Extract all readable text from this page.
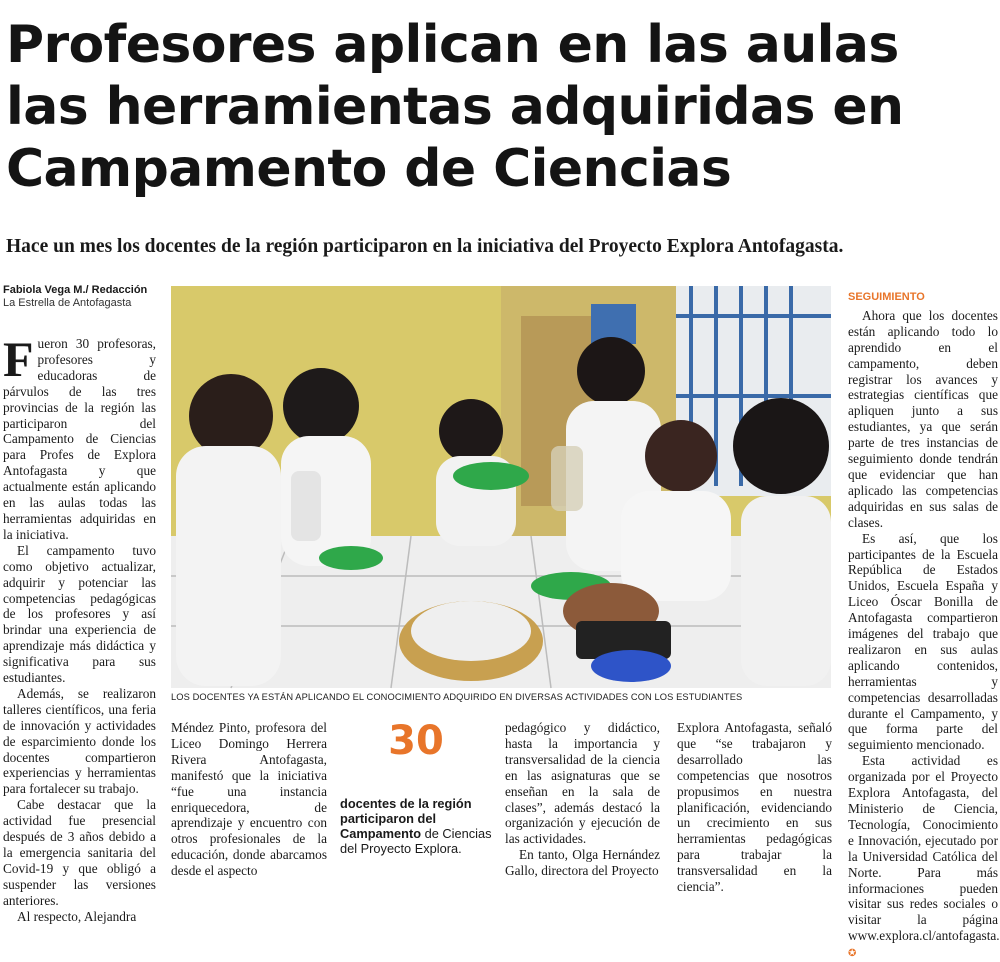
Profesores aplican en las aulas
las herramientas adquiridas en
Campamento de Ciencias
Hace un mes los docentes de la región participaron en la iniciativa del Proyecto Explora Antofagasta.
Fabiola Vega M./ Redacción
La Estrella de Antofagasta

Fueron 30 profesoras, profesores y educadoras de párvulos de las tres provincias de la región las participaron del Campamento de Ciencias para Profes de Explora Antofagasta y que actualmente están aplicando en las aulas todas las herramientas adquiridas en la iniciativa.

El campamento tuvo como objetivo actualizar, adquirir y potenciar las competencias pedagógicas de los profesores y así brindar una experiencia de aprendizaje más didáctica y significativa para sus estudiantes.

Además, se realizaron talleres científicos, una feria de innovación y actividades de esparcimiento donde los docentes compartieron experiencias y herramientas para fortalecer su trabajo.

Cabe destacar que la actividad fue presencial después de 3 años debido a la emergencia sanitaria del Covid-19 y que obligó a suspender las versiones anteriores.

Al respecto, Alejandra

LOS DOCENTES YA ESTÁN APLICANDO EL CONOCIMIENTO ADQUIRIDO EN DIVERSAS ACTIVIDADES CON LOS ESTUDIANTES

Méndez Pinto, profesora del Liceo Domingo Herrera Rivera Antofagasta, manifestó que la iniciativa “fue una instancia enriquecedora, de aprendizaje y encuentro con otros profesionales de la educación, donde abarcamos desde el aspecto

30
docentes de la región participaron del Campamento de Ciencias del Proyecto Explora.

pedagógico y didáctico, hasta la importancia y transversalidad de la ciencia en las asignaturas que se enseñan en la sala de clases”, además destacó la organización y ejecución de las actividades.

En tanto, Olga Hernández Gallo, directora del Proyecto

Explora Antofagasta, señaló que “se trabajaron y desarrollado las competencias que nosotros propusimos en nuestra planificación, evidenciando un crecimiento en sus herramientas pedagógicas para trabajar la transversalidad en la ciencia”.

SEGUIMIENTO

Ahora que los docentes están aplicando todo lo aprendido en el campamento, deben registrar los avances y estrategias científicas que apliquen junto a sus estudiantes, ya que serán parte de tres instancias de seguimiento donde tendrán que evidenciar que han aplicado las competencias adquiridas en sus salas de clases.

Es así, que los participantes de la Escuela República de Estados Unidos, Escuela España y Liceo Óscar Bonilla de Antofagasta compartieron imágenes del trabajo que realizaron en sus aulas aplicando contenidos, herramientas y competencias desarrolladas durante el Campamento, y que forma parte del seguimiento mencionado.

Esta actividad es organizada por el Proyecto Explora Antofagasta, del Ministerio de Ciencia, Tecnología, Conocimiento e Innovación, ejecutado por la Universidad Católica del Norte. Para más informaciones pueden visitar sus redes sociales o visitar la página www.explora.cl/antofagasta. ✪
